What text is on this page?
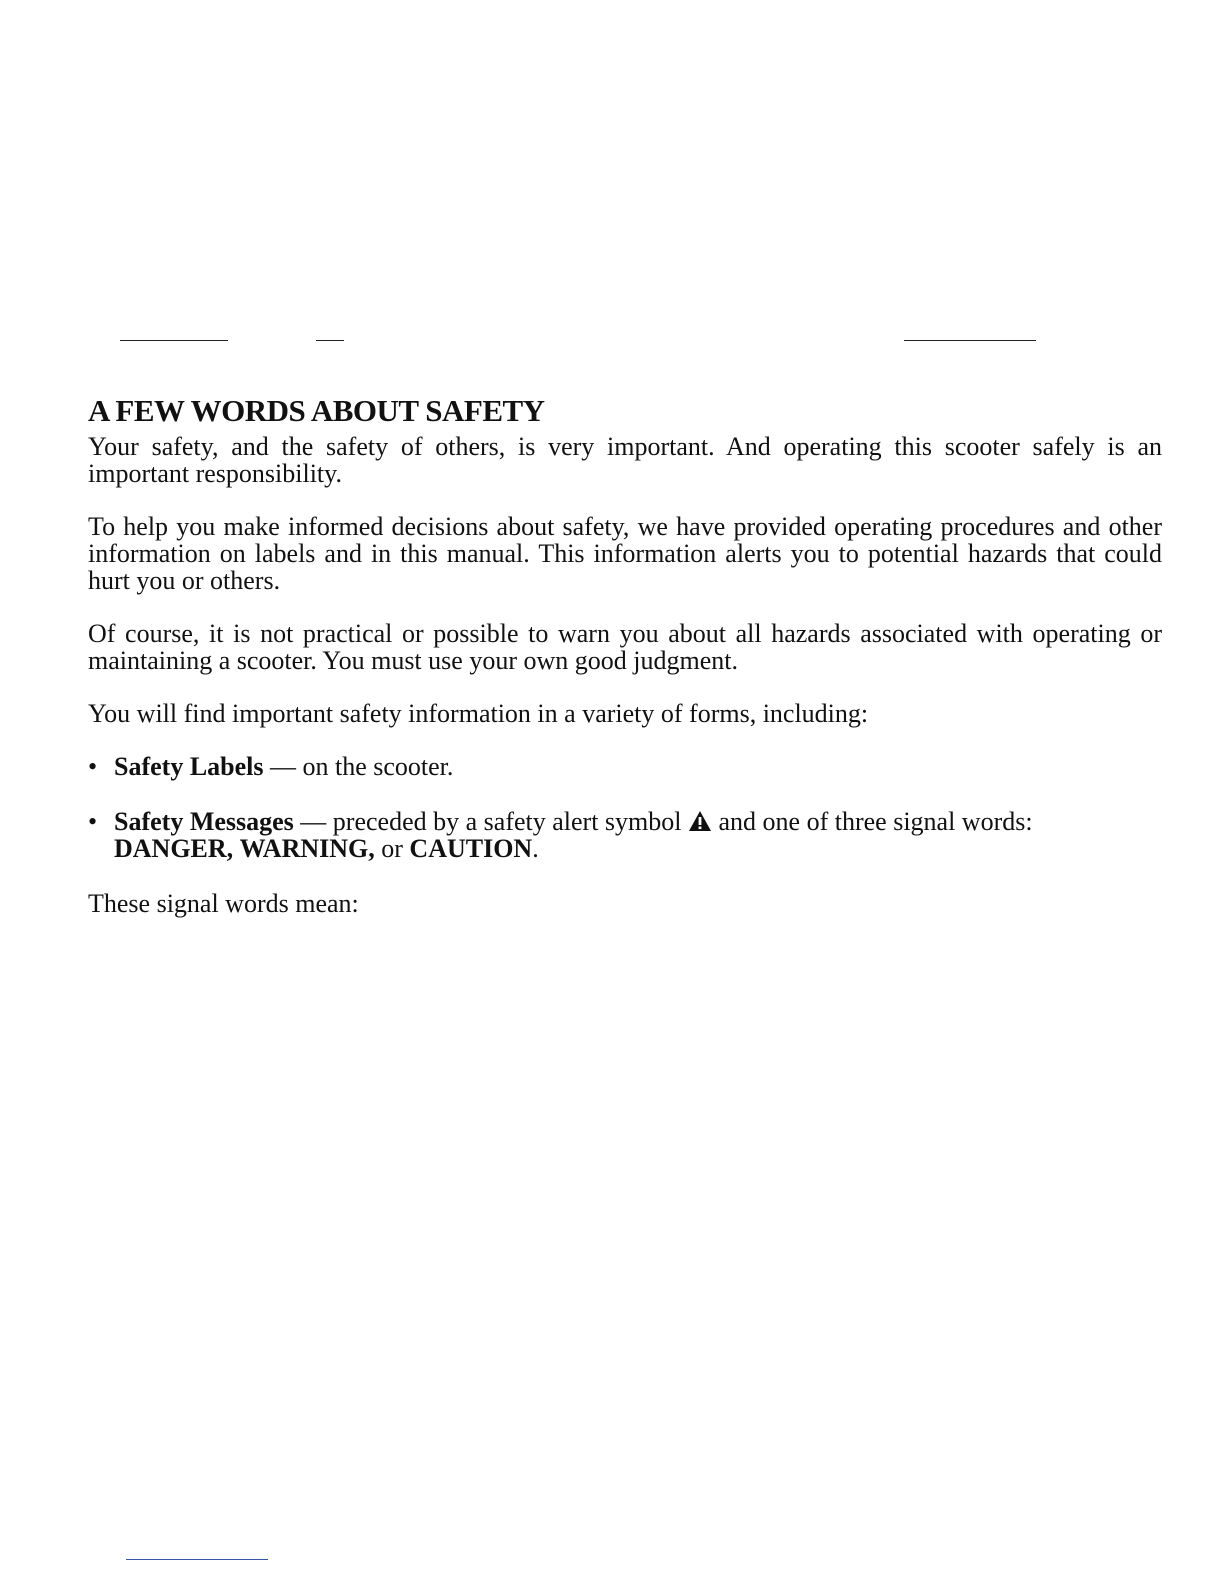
A FEW WORDS ABOUT SAFETY

Your safety, and the safety of others, is very important. And operating this scooter safely is an important responsibility.

To help you make informed decisions about safety, we have provided operating procedures and other information on labels and in this manual. This information alerts you to potential hazards that could hurt you or others.

Of course, it is not practical or possible to warn you about all hazards associated with operating or maintaining a scooter. You must use your own good judgment.

You will find important safety information in a variety of forms, including:

• Safety Labels — on the scooter.
• Safety Messages — preceded by a safety alert symbol and one of three signal words:
DANGER, WARNING, or CAUTION.

These signal words mean:
